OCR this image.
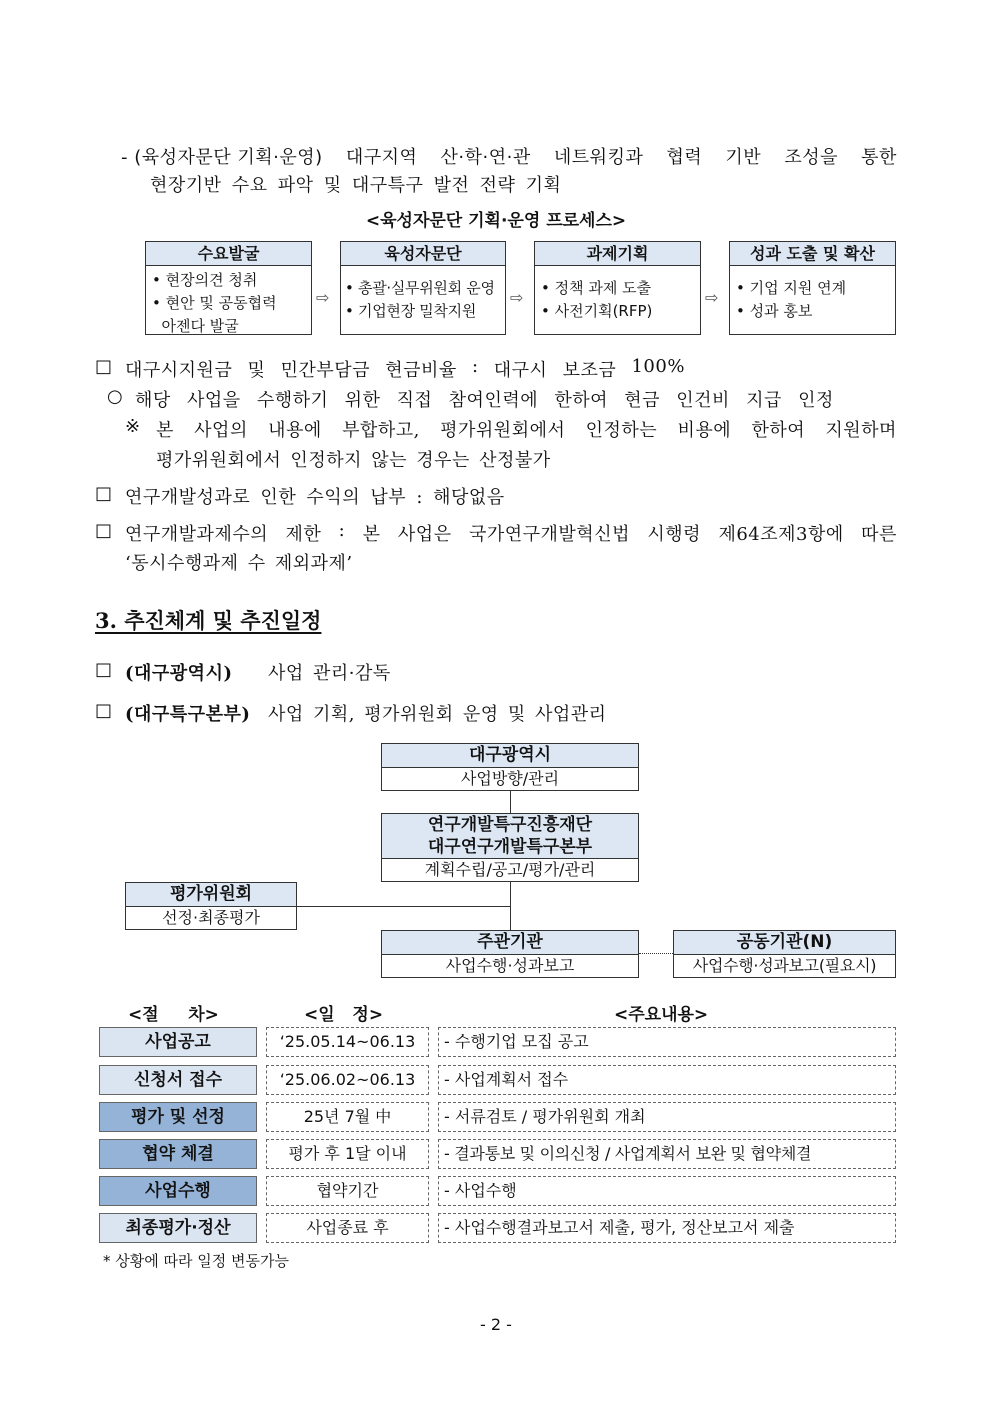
- (육성자문단 기획·운영) 대구지역 산·학·연·관 네트워킹과 협력 기반 조성을 통한
현장기반 수요 파악 및 대구특구 발전 전략 기획
<육성자문단 기획·운영 프로세스>
수요발굴
• 현장의견 청취
• 현안 및 공동협력
아젠다 발굴
⇨
육성자문단
• 총괄·실무위원회 운영
• 기업현장 밀착지원
⇨
과제기획
• 정책 과제 도출
• 사전기획(RFP)
⇨
성과 도출 및 확산
• 기업 지원 연계
• 성과 홍보
□ 대구시지원금 및 민간부담금 현금비율 : 대구시 보조금 100%
○ 해당 사업을 수행하기 위한 직접 참여인력에 한하여 현금 인건비 지급 인정
※ 본 사업의 내용에 부합하고, 평가위원회에서 인정하는 비용에 한하여 지원하며
평가위원회에서 인정하지 않는 경우는 산정불가
□ 연구개발성과로 인한 수익의 납부 : 해당없음
□ 연구개발과제수의 제한 : 본 사업은 국가연구개발혁신법 시행령 제64조제3항에 따른
‘동시수행과제 수 제외과제’
3. 추진체계 및 추진일정
□ (대구광역시) 사업 관리·감독
□ (대구특구본부) 사업 기획, 평가위원회 운영 및 사업관리
대구광역시
사업방향/관리
연구개발특구진흥재단
대구연구개발특구본부
계획수립/공고/평가/관리
평가위원회
선정·최종평가
주관기관
사업수행·성과보고
공동기관(N)
사업수행·성과보고(필요시)
<절     차>	<일   정>	<주요내용>
사업공고	‘25.05.14~06.13	- 수행기업 모집 공고
신청서 접수	‘25.06.02~06.13	- 사업계획서 접수
평가 및 선정	25년 7월 中	- 서류검토 / 평가위원회 개최
협약 체결	평가 후 1달 이내	- 결과통보 및 이의신청 / 사업계획서 보완 및 협약체결
사업수행	협약기간	- 사업수행
최종평가·정산	사업종료 후	- 사업수행결과보고서 제출, 평가, 정산보고서 제출
* 상황에 따라 일정 변동가능
- 2 -
